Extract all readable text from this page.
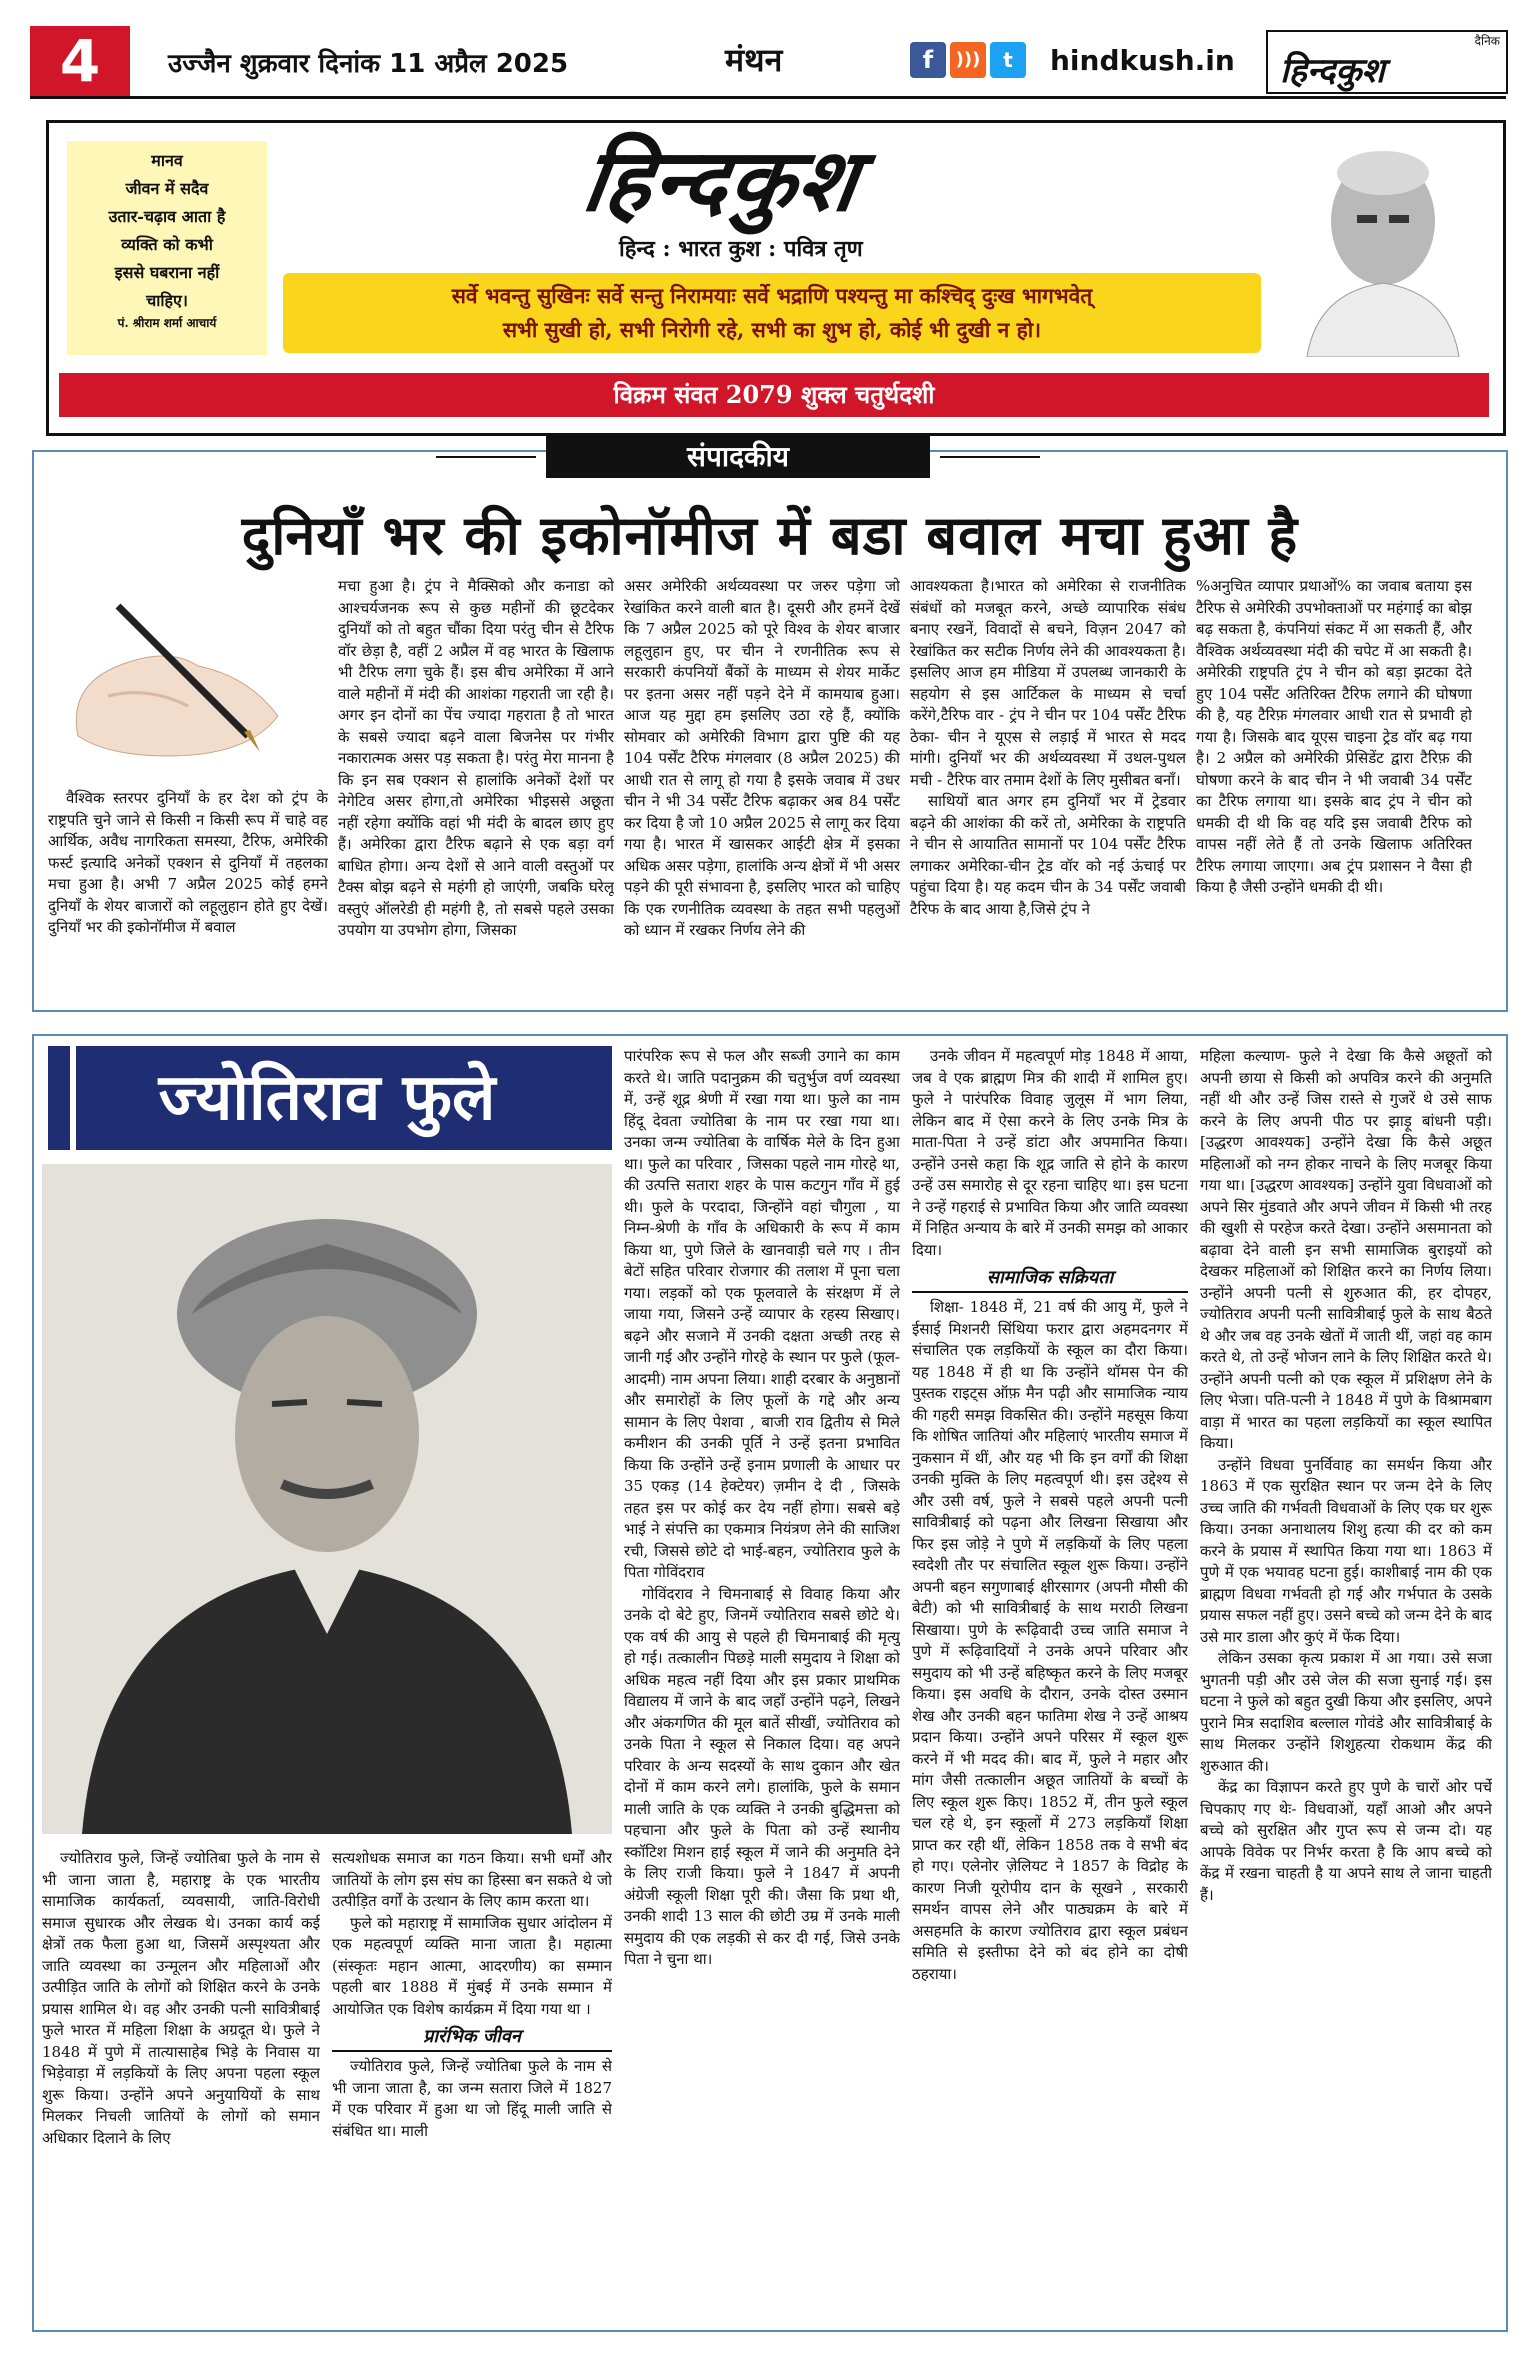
4	उज्जैन शुक्रवार दिनांक 11 अप्रैल 2025	मंथन	f	)))	t	hindkush.in
दैनिक
हिन्दकुश
मानव
जीवन में सदैव
उतार-चढ़ाव आता है
व्यक्ति को कभी
इससे घबराना नहीं
चाहिए।
पं. श्रीराम शर्मा आचार्य
हिन्दकुश
हिन्द : भारत कुश : पवित्र तृण
सर्वे भवन्तु सुखिनः सर्वे सन्तु निरामयाः सर्वे भद्राणि पश्यन्तु मा कश्चिद् दुःख भागभवेत्
सभी सुखी हो, सभी निरोगी रहे, सभी का शुभ हो, कोई भी दुखी न हो।
विक्रम संवत 2079 शुक्ल चतुर्थदशी
संपादकीय
दुनियाँ भर की इकोनॉमीज में बडा बवाल मचा हुआ है

वैश्विक स्तरपर दुनियाँ के हर देश को ट्रंप के राष्ट्रपति चुने जाने से किसी न किसी रूप में चाहे वह आर्थिक, अवैध नागरिकता समस्या, टैरिफ, अमेरिकी फर्स्ट इत्यादि अनेकों एक्शन से दुनियाँ में तहलका मचा हुआ है। अभी 7 अप्रैल 2025 कोई हमने दुनियाँ के शेयर बाजारों को लहूलुहान होते हुए देखें। दुनियाँ भर की इकोनॉमीज में बवाल

मचा हुआ है। ट्रंप ने मैक्सिको और कनाडा को आश्चर्यजनक रूप से कुछ महीनों की छूटदेकर दुनियाँ को तो बहुत चौंका दिया परंतु चीन से टैरिफ वॉर छेड़ा है, वहीं 2 अप्रैल में वह भारत के खिलाफ भी टैरिफ लगा चुके हैं। इस बीच अमेरिका में आने वाले महीनों में मंदी की आशंका गहराती जा रही है। अगर इन दोनों का पेंच ज्यादा गहराता है तो भारत के सबसे ज्यादा बढ़ने वाला बिजनेस पर गंभीर नकारात्मक असर पड़ सकता है। परंतु मेरा मानना है कि इन सब एक्शन से हालांकि अनेकों देशों पर नेगेटिव असर होगा,तो अमेरिका भीइससे अछूता नहीं रहेगा क्योंकि वहां भी मंदी के बादल छाए हुए हैं। अमेरिका द्वारा टैरिफ बढ़ाने से एक बड़ा वर्ग बाधित होगा। अन्य देशों से आने वाली वस्तुओं पर टैक्स बोझ बढ़ने से महंगी हो जाएंगी, जबकि घरेलू वस्तुएं ऑलरेडी ही महंगी है, तो सबसे पहले उसका उपयोग या उपभोग होगा, जिसका

असर अमेरिकी अर्थव्यवस्था पर जरुर पड़ेगा जो रेखांकित करने वाली बात है। दूसरी और हमनें देखें कि 7 अप्रैल 2025 को पूरे विश्व के शेयर बाजार लहूलुहान हुए, पर चीन ने रणनीतिक रूप से सरकारी कंपनियों बैंकों के माध्यम से शेयर मार्केट पर इतना असर नहीं पड़ने देने में कामयाब हुआ। आज यह मुद्दा हम इसलिए उठा रहे हैं, क्योंकि सोमवार को अमेरिकी विभाग द्वारा पुष्टि की यह 104 पर्सेंट टैरिफ मंगलवार (8 अप्रैल 2025) की आधी रात से लागू हो गया है इसके जवाब में उधर चीन ने भी 34 पर्सेंट टैरिफ बढ़ाकर अब 84 पर्सेंट कर दिया है जो 10 अप्रैल 2025 से लागू कर दिया गया है। भारत में खासकर आईटी क्षेत्र में इसका अधिक असर पड़ेगा, हालांकि अन्य क्षेत्रों में भी असर पड़ने की पूरी संभावना है, इसलिए भारत को चाहिए कि एक रणनीतिक व्यवस्था के तहत सभी पहलुओं को ध्यान में रखकर निर्णय लेने की

आवश्यकता है।भारत को अमेरिका से राजनीतिक संबंधों को मजबूत करने, अच्छे व्यापारिक संबंध बनाए रखनें, विवादों से बचने, विज़न 2047 को रेखांकित कर सटीक निर्णय लेने की आवश्यकता है।इसलिए आज हम मीडिया में उपलब्ध जानकारी के सहयोग से इस आर्टिकल के माध्यम से चर्चा करेंगे,टैरिफ वार - ट्रंप ने चीन पर 104 पर्सेंट टैरिफ ठेका- चीन ने यूएस से लड़ाई में भारत से मदद मांगी। दुनियाँ भर की अर्थव्यवस्था में उथल-पुथल मची - टैरिफ वार तमाम देशों के लिए मुसीबत बनाँ।

साथियों बात अगर हम दुनियाँ भर में ट्रेडवार बढ़ने की आशंका की करें तो, अमेरिका के राष्ट्रपति ने चीन से आयातित सामानों पर 104 पर्सेंट टैरिफ लगाकर अमेरिका-चीन ट्रेड वॉर को नई ऊंचाई पर पहुंचा दिया है। यह कदम चीन के 34 पर्सेंट जवाबी टैरिफ के बाद आया है,जिसे ट्रंप ने

%अनुचित व्यापार प्रथाओं% का जवाब बताया इस टैरिफ से अमेरिकी उपभोक्ताओं पर महंगाई का बोझ बढ़ सकता है, कंपनियां संकट में आ सकती हैं, और वैश्विक अर्थव्यवस्था मंदी की चपेट में आ सकती है। अमेरिकी राष्ट्रपति ट्रंप ने चीन को बड़ा झटका देते हुए 104 पर्सेंट अतिरिक्त टैरिफ लगाने की घोषणा की है, यह टैरिफ़ मंगलवार आधी रात से प्रभावी हो गया है। जिसके बाद यूएस चाइना ट्रेड वॉर बढ़ गया है। 2 अप्रैल को अमेरिकी प्रेसिडेंट द्वारा टैरिफ़ की घोषणा करने के बाद चीन ने भी जवाबी 34 पर्सेंट का टैरिफ लगाया था। इसके बाद ट्रंप ने चीन को धमकी दी थी कि वह यदि इस जवाबी टैरिफ को वापस नहीं लेते हैं तो उनके खिलाफ अतिरिक्त टैरिफ लगाया जाएगा। अब ट्रंप प्रशासन ने वैसा ही किया है जैसी उन्होंने धमकी दी थी।

ज्योतिराव फुले

ज्योतिराव फुले, जिन्हें ज्योतिबा फुले के नाम से भी जाना जाता है, महाराष्ट्र के एक भारतीय सामाजिक कार्यकर्ता, व्यवसायी, जाति-विरोधी समाज सुधारक और लेखक थे। उनका कार्य कई क्षेत्रों तक फैला हुआ था, जिसमें अस्पृश्यता और जाति व्यवस्था का उन्मूलन और महिलाओं और उत्पीड़ित जाति के लोगों को शिक्षित करने के उनके प्रयास शामिल थे। वह और उनकी पत्नी सावित्रीबाई फुले भारत में महिला शिक्षा के अग्रदूत थे। फुले ने 1848 में पुणे में तात्यासाहेब भिड़े के निवास या भिड़ेवाड़ा में लड़कियों के लिए अपना पहला स्कूल शुरू किया। उन्होंने अपने अनुयायियों के साथ मिलकर निचली जातियों के लोगों को समान अधिकार दिलाने के लिए

सत्यशोधक समाज का गठन किया। सभी धर्मों और जातियों के लोग इस संघ का हिस्सा बन सकते थे जो उत्पीड़ित वर्गों के उत्थान के लिए काम करता था।

फुले को महाराष्ट्र में सामाजिक सुधार आंदोलन में एक महत्वपूर्ण व्यक्ति माना जाता है। महात्मा (संस्कृतः महान आत्मा, आदरणीय) का सम्मान पहली बार 1888 में मुंबई में उनके सम्मान में आयोजित एक विशेष कार्यक्रम में दिया गया था ।

प्रारंभिक जीवन

ज्योतिराव फुले, जिन्हें ज्योतिबा फुले के नाम से भी जाना जाता है, का जन्म सतारा जिले में 1827 में एक परिवार में हुआ था जो हिंदू माली जाति से संबंधित था। माली

पारंपरिक रूप से फल और सब्जी उगाने का काम करते थे। जाति पदानुक्रम की चतुर्भुज वर्ण व्यवस्था में, उन्हें शूद्र श्रेणी में रखा गया था। फुले का नाम हिंदू देवता ज्योतिबा के नाम पर रखा गया था। उनका जन्म ज्योतिबा के वार्षिक मेले के दिन हुआ था। फुले का परिवार , जिसका पहले नाम गोरहे था, की उत्पत्ति सतारा शहर के पास कटगुन गाँव में हुई थी। फुले के परदादा, जिन्होंने वहां चौगुला , या निम्न-श्रेणी के गाँव के अधिकारी के रूप में काम किया था, पुणे जिले के खानवाड़ी चले गए । तीन बेटों सहित परिवार रोजगार की तलाश में पूना चला गया। लड़कों को एक फूलवाले के संरक्षण में ले जाया गया, जिसने उन्हें व्यापार के रहस्य सिखाए। बढ़ने और सजाने में उनकी दक्षता अच्छी तरह से जानी गई और उन्होंने गोरहे के स्थान पर फुले (फूल-आदमी) नाम अपना लिया। शाही दरबार के अनुष्ठानों और समारोहों के लिए फूलों के गद्दे और अन्य सामान के लिए पेशवा , बाजी राव द्वितीय से मिले कमीशन की उनकी पूर्ति ने उन्हें इतना प्रभावित किया कि उन्होंने उन्हें इनाम प्रणाली के आधार पर 35 एकड़ (14 हेक्टेयर) ज़मीन दे दी , जिसके तहत इस पर कोई कर देय नहीं होगा। सबसे बड़े भाई ने संपत्ति का एकमात्र नियंत्रण लेने की साजिश रची, जिससे छोटे दो भाई-बहन, ज्योतिराव फुले के पिता गोविंदराव

गोविंदराव ने चिमनाबाई से विवाह किया और उनके दो बेटे हुए, जिनमें ज्योतिराव सबसे छोटे थे। एक वर्ष की आयु से पहले ही चिमनाबाई की मृत्यु हो गई। तत्कालीन पिछड़े माली समुदाय ने शिक्षा को अधिक महत्व नहीं दिया और इस प्रकार प्राथमिक विद्यालय में जाने के बाद जहाँ उन्होंने पढ़ने, लिखने और अंकगणित की मूल बातें सीखीं, ज्योतिराव को उनके पिता ने स्कूल से निकाल दिया। वह अपने परिवार के अन्य सदस्यों के साथ दुकान और खेत दोनों में काम करने लगे। हालांकि, फुले के समान माली जाति के एक व्यक्ति ने उनकी बुद्धिमत्ता को पहचाना और फुले के पिता को उन्हें स्थानीय स्कॉटिश मिशन हाई स्कूल में जाने की अनुमति देने के लिए राजी किया। फुले ने 1847 में अपनी अंग्रेजी स्कूली शिक्षा पूरी की। जैसा कि प्रथा थी, उनकी शादी 13 साल की छोटी उम्र में उनके माली समुदाय की एक लड़की से कर दी गई, जिसे उनके पिता ने चुना था।

उनके जीवन में महत्वपूर्ण मोड़ 1848 में आया, जब वे एक ब्राह्मण मित्र की शादी में शामिल हुए। फुले ने पारंपरिक विवाह जुलूस में भाग लिया, लेकिन बाद में ऐसा करने के लिए उनके मित्र के माता-पिता ने उन्हें डांटा और अपमानित किया। उन्होंने उनसे कहा कि शूद्र जाति से होने के कारण उन्हें उस समारोह से दूर रहना चाहिए था। इस घटना ने उन्हें गहराई से प्रभावित किया और जाति व्यवस्था में निहित अन्याय के बारे में उनकी समझ को आकार दिया।

सामाजिक सक्रियता

शिक्षा- 1848 में, 21 वर्ष की आयु में, फुले ने ईसाई मिशनरी सिंथिया फरार द्वारा अहमदनगर में संचालित एक लड़कियों के स्कूल का दौरा किया। यह 1848 में ही था कि उन्होंने थॉमस पेन की पुस्तक राइट्स ऑफ़ मैन पढ़ी और सामाजिक न्याय की गहरी समझ विकसित की। उन्होंने महसूस किया कि शोषित जातियां और महिलाएं भारतीय समाज में नुकसान में थीं, और यह भी कि इन वर्गों की शिक्षा उनकी मुक्ति के लिए महत्वपूर्ण थी। इस उद्देश्य से और उसी वर्ष, फुले ने सबसे पहले अपनी पत्नी सावित्रीबाई को पढ़ना और लिखना सिखाया और फिर इस जोड़े ने पुणे में लड़कियों के लिए पहला स्वदेशी तौर पर संचालित स्कूल शुरू किया। उन्होंने अपनी बहन सगुणाबाई क्षीरसागर (अपनी मौसी की बेटी) को भी सावित्रीबाई के साथ मराठी लिखना सिखाया। पुणे के रूढ़िवादी उच्च जाति समाज ने पुणे में रूढ़िवादियों ने उनके अपने परिवार और समुदाय को भी उन्हें बहिष्कृत करने के लिए मजबूर किया। इस अवधि के दौरान, उनके दोस्त उस्मान शेख और उनकी बहन फातिमा शेख ने उन्हें आश्रय प्रदान किया। उन्होंने अपने परिसर में स्कूल शुरू करने में भी मदद की। बाद में, फुले ने महार और मांग जैसी तत्कालीन अछूत जातियों के बच्चों के लिए स्कूल शुरू किए। 1852 में, तीन फुले स्कूल चल रहे थे, इन स्कूलों में 273 लड़कियाँ शिक्षा प्राप्त कर रही थीं, लेकिन 1858 तक वे सभी बंद हो गए। एलेनोर ज़ेलियट ने 1857 के विद्रोह के कारण निजी यूरोपीय दान के सूखने , सरकारी समर्थन वापस लेने और पाठ्यक्रम के बारे में असहमति के कारण ज्योतिराव द्वारा स्कूल प्रबंधन समिति से इस्तीफा देने को बंद होने का दोषी ठहराया।

महिला कल्याण- फुले ने देखा कि कैसे अछूतों को अपनी छाया से किसी को अपवित्र करने की अनुमति नहीं थी और उन्हें जिस रास्ते से गुजरें थे उसे साफ करने के लिए अपनी पीठ पर झाड़ू बांधनी पड़ी। [उद्धरण आवश्यक] उन्होंने देखा कि कैसे अछूत महिलाओं को नग्न होकर नाचने के लिए मजबूर किया गया था। [उद्धरण आवश्यक] उन्होंने युवा विधवाओं को अपने सिर मुंडवाते और अपने जीवन में किसी भी तरह की खुशी से परहेज करते देखा। उन्होंने असमानता को बढ़ावा देने वाली इन सभी सामाजिक बुराइयों को देखकर महिलाओं को शिक्षित करने का निर्णय लिया। उन्होंने अपनी पत्नी से शुरुआत की, हर दोपहर, ज्योतिराव अपनी पत्नी सावित्रीबाई फुले के साथ बैठते थे और जब वह उनके खेतों में जाती थीं, जहां वह काम करते थे, तो उन्हें भोजन लाने के लिए शिक्षित करते थे। उन्होंने अपनी पत्नी को एक स्कूल में प्रशिक्षण लेने के लिए भेजा। पति-पत्नी ने 1848 में पुणे के विश्रामबाग वाड़ा में भारत का पहला लड़कियों का स्कूल स्थापित किया।

उन्होंने विधवा पुनर्विवाह का समर्थन किया और 1863 में एक सुरक्षित स्थान पर जन्म देने के लिए उच्च जाति की गर्भवती विधवाओं के लिए एक घर शुरू किया। उनका अनाथालय शिशु हत्या की दर को कम करने के प्रयास में स्थापित किया गया था। 1863 में पुणे में एक भयावह घटना हुई। काशीबाई नाम की एक ब्राह्मण विधवा गर्भवती हो गई और गर्भपात के उसके प्रयास सफल नहीं हुए। उसने बच्चे को जन्म देने के बाद उसे मार डाला और कुएं में फेंक दिया।

लेकिन उसका कृत्य प्रकाश में आ गया। उसे सजा भुगतनी पड़ी और उसे जेल की सजा सुनाई गई। इस घटना ने फुले को बहुत दुखी किया और इसलिए, अपने पुराने मित्र सदाशिव बल्लाल गोवंडे और सावित्रीबाई के साथ मिलकर उन्होंने शिशुहत्या रोकथाम केंद्र की शुरुआत की।

केंद्र का विज्ञापन करते हुए पुणे के चारों ओर पर्चे चिपकाए गए थेः- विधवाओं, यहाँ आओ और अपने बच्चे को सुरक्षित और गुप्त रूप से जन्म दो। यह आपके विवेक पर निर्भर करता है कि आप बच्चे को केंद्र में रखना चाहती है या अपने साथ ले जाना चाहती हैं।
